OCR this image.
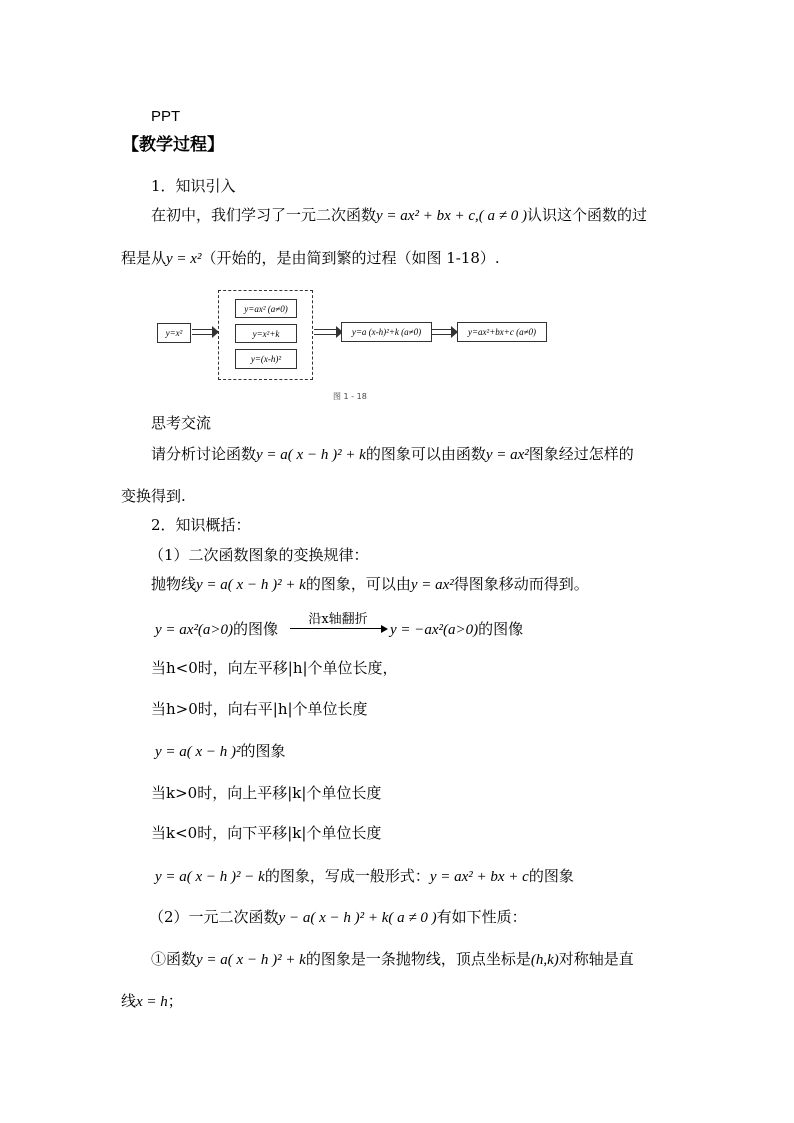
PPT
【教学过程】
1．知识引入
在初中，我们学习了一元二次函数y = ax² + bx + c,( a ≠ 0 )认识这个函数的过
程是从y = x²（开始的，是由简到繁的过程（如图 1-18）.
y=x²
y=ax² (a≠0)
y=x²+k
y=(x-h)²
y=a (x-h)²+k (a≠0)	y=ax²+bx+c (a≠0)
图 1 - 18
思考交流
请分析讨论函数y = a( x − h )² + k的图象可以由函数y = ax²图象经过怎样的
变换得到.
2．知识概括：
（1）二次函数图象的变换规律：
抛物线y = a( x − h )² + k的图象，可以由y = ax²得图象移动而得到。
y = ax²(a>0)的图像
沿x轴翻折
y = −ax²(a>0)的图像
当h<0时，向左平移|h|个单位长度，
当h>0时，向右平|h|个单位长度
y = a( x − h )²的图象
当k>0时，向上平移|k|个单位长度
当k<0时，向下平移|k|个单位长度
y = a( x − h )² − k的图象，写成一般形式：y = ax² + bx + c的图象
（2）一元二次函数y − a( x − h )² + k( a ≠ 0 )有如下性质：
①函数y = a( x − h )² + k的图象是一条抛物线，顶点坐标是(h,k)对称轴是直
线x = h；
